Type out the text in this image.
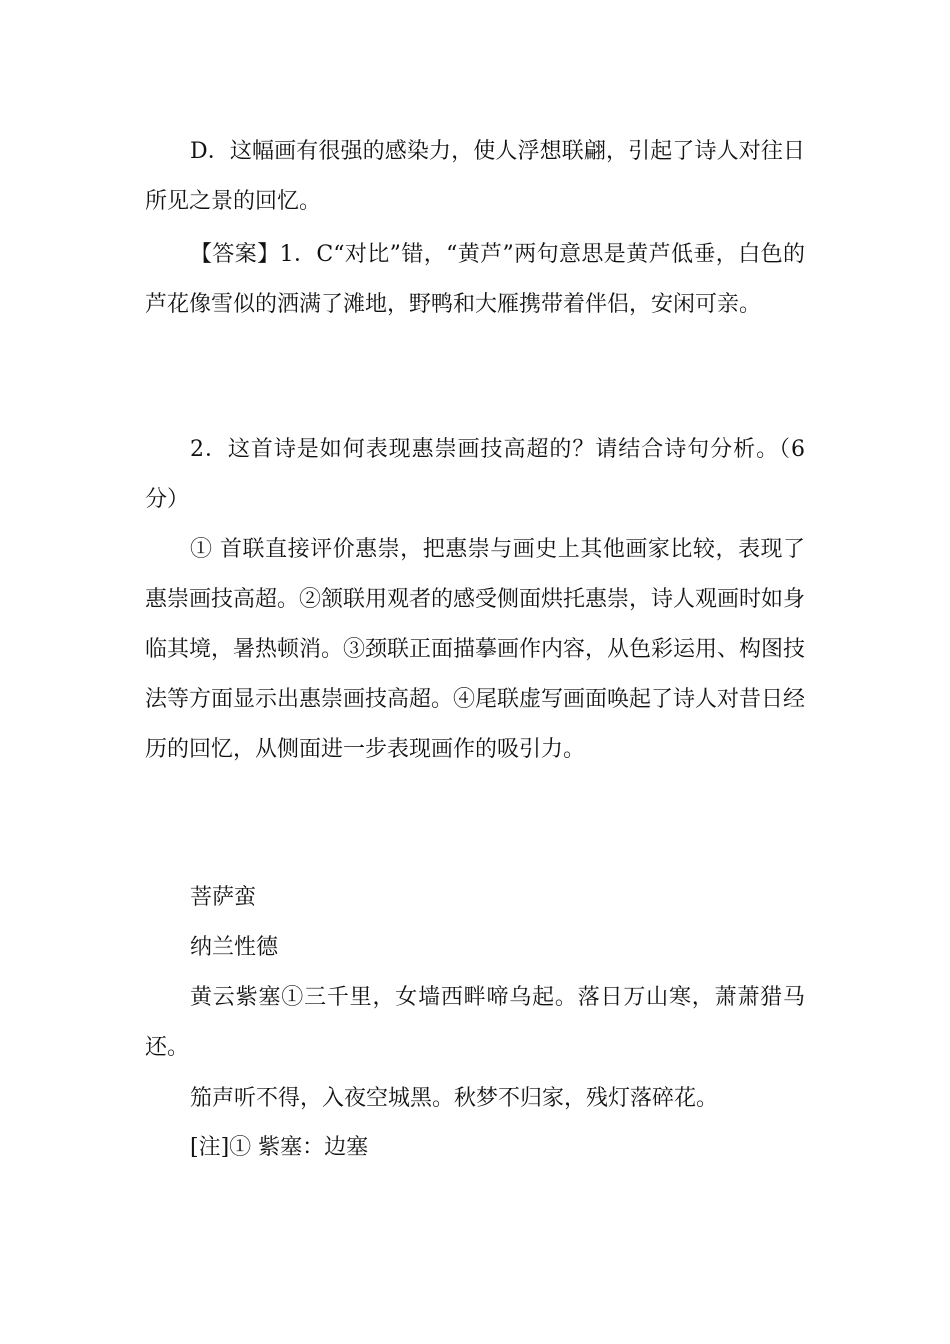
D．这幅画有很强的感染力，使人浮想联翩，引起了诗人对往日所见之景的回忆。

【答案】1．C“对比”错，“黄芦”两句意思是黄芦低垂，白色的芦花像雪似的洒满了滩地，野鸭和大雁携带着伴侣，安闲可亲。

2．这首诗是如何表现惠崇画技高超的？请结合诗句分析。（6分）

① 首联直接评价惠崇，把惠崇与画史上其他画家比较，表现了惠崇画技高超。②颔联用观者的感受侧面烘托惠崇，诗人观画时如身临其境，暑热顿消。③颈联正面描摹画作内容，从色彩运用、构图技法等方面显示出惠崇画技高超。④尾联虚写画面唤起了诗人对昔日经历的回忆，从侧面进一步表现画作的吸引力。

菩萨蛮

纳兰性德

黄云紫塞①三千里，女墙西畔啼乌起。落日万山寒，萧萧猎马还。

笳声听不得，入夜空城黑。秋梦不归家，残灯落碎花。

[注]① 紫塞：边塞
